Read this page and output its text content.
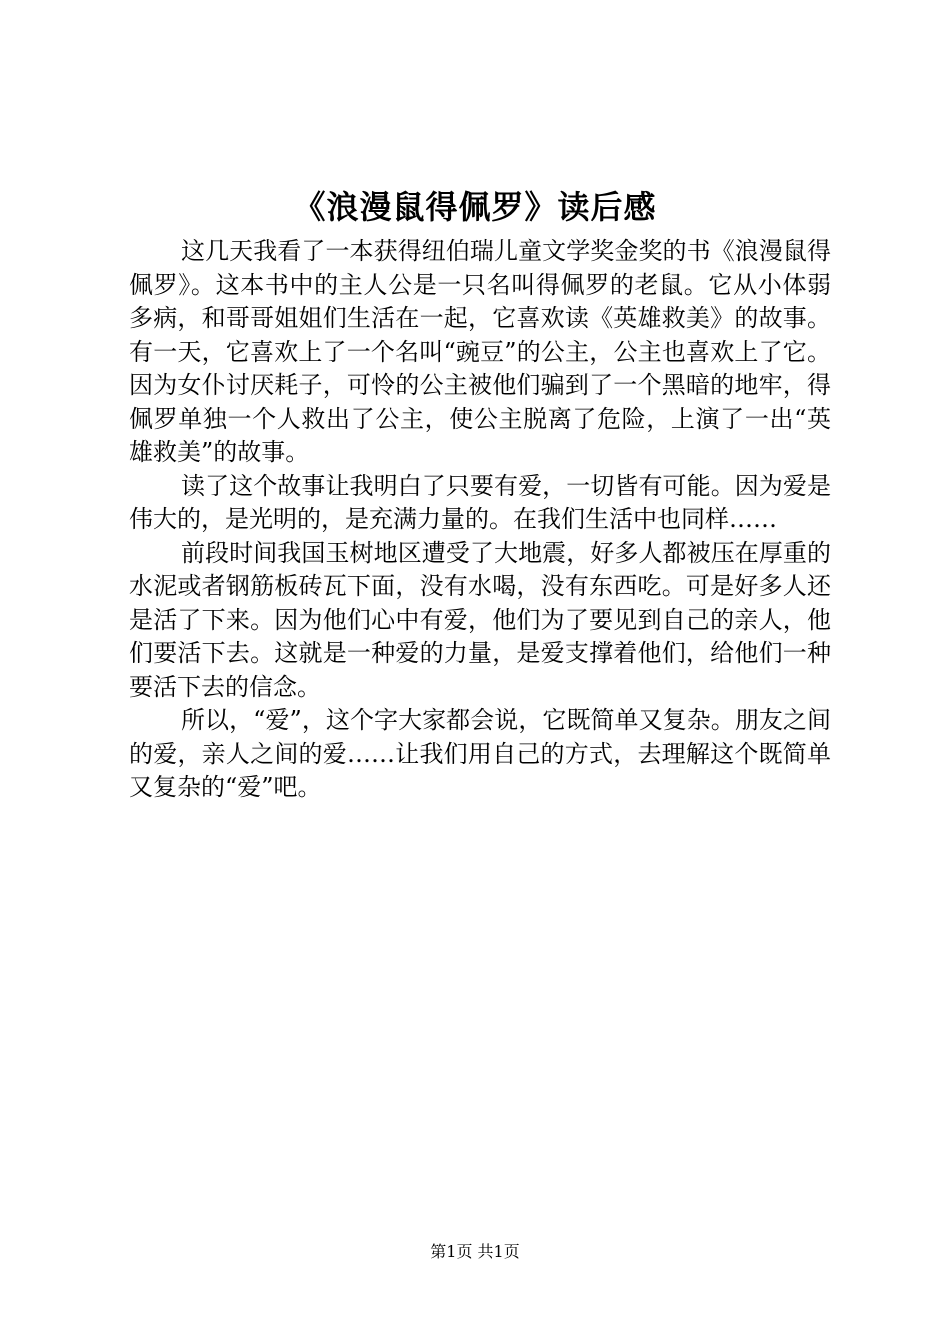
《浪漫鼠得佩罗》读后感

这几天我看了一本获得纽伯瑞儿童文学奖金奖的书《浪漫鼠得佩罗》。这本书中的主人公是一只名叫得佩罗的老鼠。它从小体弱多病，和哥哥姐姐们生活在一起，它喜欢读《英雄救美》的故事。有一天，它喜欢上了一个名叫“豌豆”的公主，公主也喜欢上了它。因为女仆讨厌耗子，可怜的公主被他们骗到了一个黑暗的地牢，得佩罗单独一个人救出了公主，使公主脱离了危险，上演了一出“英雄救美”的故事。

读了这个故事让我明白了只要有爱，一切皆有可能。因为爱是伟大的，是光明的，是充满力量的。在我们生活中也同样……

前段时间我国玉树地区遭受了大地震，好多人都被压在厚重的水泥或者钢筋板砖瓦下面，没有水喝，没有东西吃。可是好多人还是活了下来。因为他们心中有爱，他们为了要见到自己的亲人，他们要活下去。这就是一种爱的力量，是爱支撑着他们，给他们一种要活下去的信念。

所以，“爱”，这个字大家都会说，它既简单又复杂。朋友之间的爱，亲人之间的爱……让我们用自己的方式，去理解这个既简单又复杂的“爱”吧。

第1页 共1页
